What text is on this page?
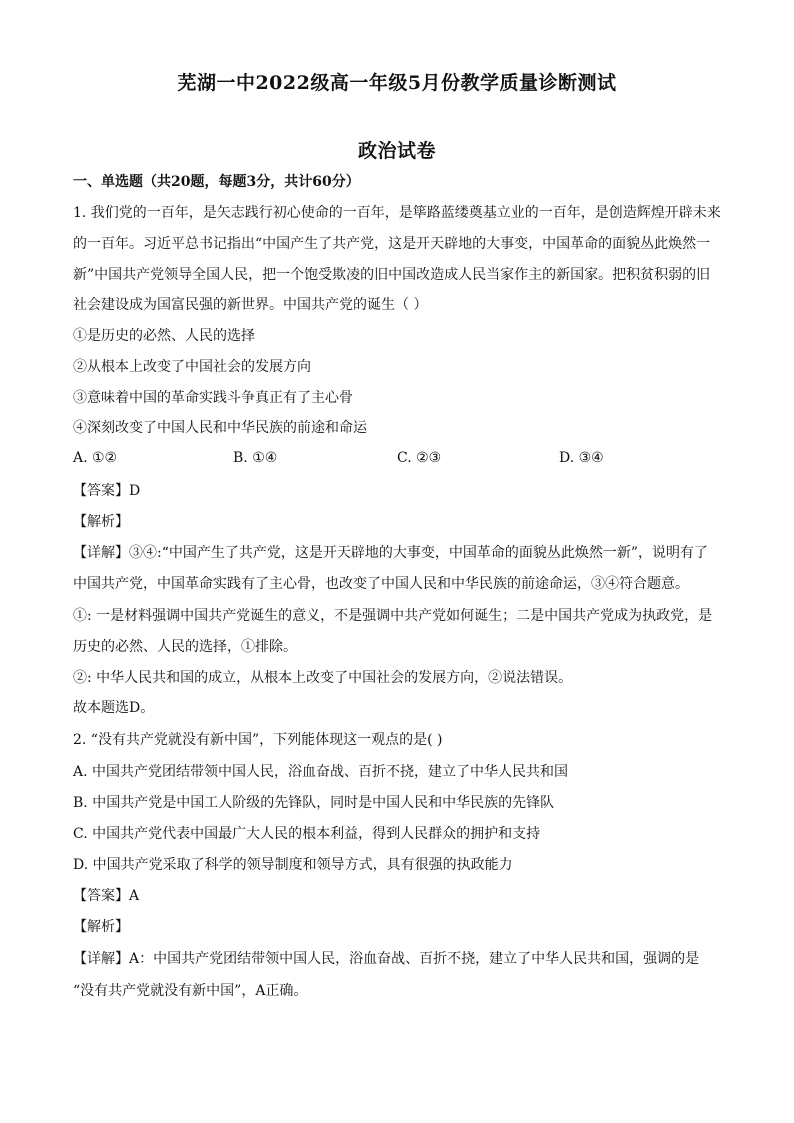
芜湖一中2022级高一年级5月份教学质量诊断测试
政治试卷
一、单选题（共20题，每题3分，共计60分）
1. 我们党的一百年，是矢志践行初心使命的一百年，是筚路蓝缕奠基立业的一百年，是创造辉煌开辟未来
的一百年。习近平总书记指出“中国产生了共产党，这是开天辟地的大事变，中国革命的面貌丛此焕然一
新”中国共产党领导全国人民，把一个饱受欺凌的旧中国改造成人民当家作主的新国家。把积贫积弱的旧
社会建设成为国富民强的新世界。中国共产党的诞生（ ）
①是历史的必然、人民的选择
②从根本上改变了中国社会的发展方向
③意味着中国的革命实践斗争真正有了主心骨
④深刻改变了中国人民和中华民族的前途和命运
A. ①②	B. ①④	C. ②③	D. ③④
【答案】D
【解析】
【详解】③④:“中国产生了共产党，这是开天辟地的大事变，中国革命的面貌丛此焕然一新”，说明有了
中国共产党，中国革命实践有了主心骨，也改变了中国人民和中华民族的前途命运，③④符合题意。
①: 一是材料强调中国共产党诞生的意义，不是强调中共产党如何诞生；二是中国共产党成为执政党，是
历史的必然、人民的选择，①排除。
②: 中华人民共和国的成立，从根本上改变了中国社会的发展方向，②说法错误。
故本题选D。
2. “没有共产党就没有新中国”，下列能体现这一观点的是( )
A. 中国共产党团结带领中国人民，浴血奋战、百折不挠，建立了中华人民共和国
B. 中国共产党是中国工人阶级的先锋队，同时是中国人民和中华民族的先锋队
C. 中国共产党代表中国最广大人民的根本利益，得到人民群众的拥护和支持
D. 中国共产党采取了科学的领导制度和领导方式，具有很强的执政能力
【答案】A
【解析】
【详解】A：中国共产党团结带领中国人民，浴血奋战、百折不挠，建立了中华人民共和国，强调的是
“没有共产党就没有新中国”，A正确。
